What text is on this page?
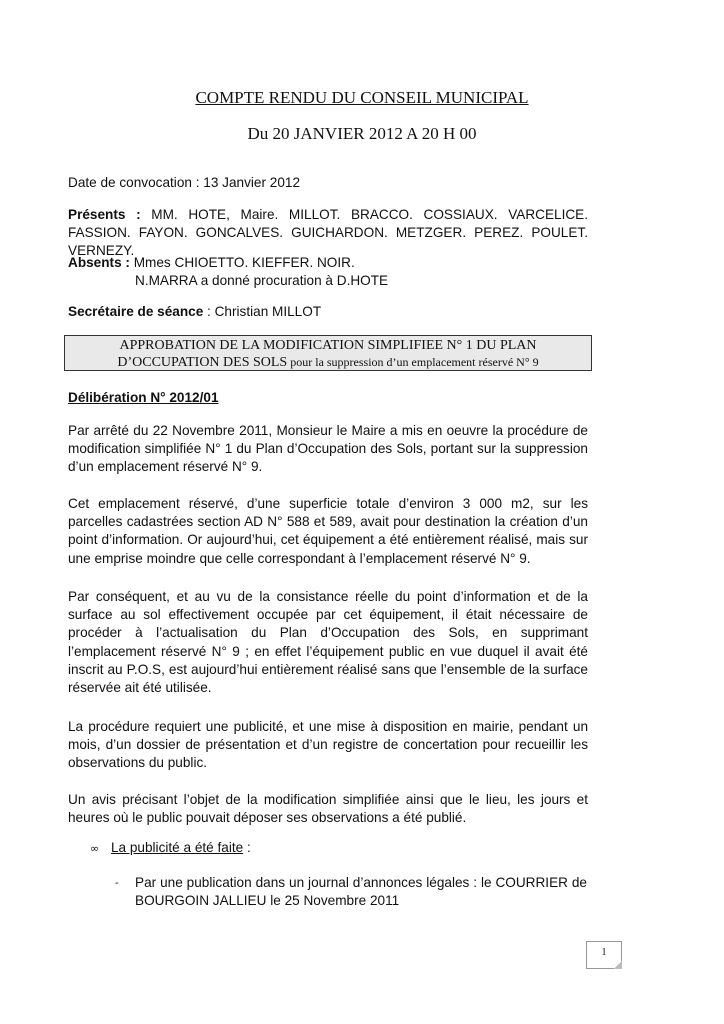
COMPTE RENDU DU CONSEIL MUNICIPAL
Du 20 JANVIER 2012 A 20 H 00
Date de convocation : 13 Janvier 2012
Présents : MM. HOTE, Maire. MILLOT. BRACCO. COSSIAUX. VARCELICE. FASSION. FAYON. GONCALVES. GUICHARDON. METZGER. PEREZ. POULET. VERNEZY.
Absents : Mmes CHIOETTO. KIEFFER. NOIR.
N.MARRA a donné procuration à D.HOTE
Secrétaire de séance : Christian MILLOT
APPROBATION DE LA MODIFICATION SIMPLIFIEE N° 1 DU PLAN
D’OCCUPATION DES SOLS pour la suppression d’un emplacement réservé N° 9
Délibération N° 2012/01
Par arrêté du 22 Novembre 2011, Monsieur le Maire a mis en oeuvre la procédure de modification simplifiée N° 1 du Plan d’Occupation des Sols, portant sur la suppression d’un emplacement réservé N° 9.
Cet emplacement réservé, d’une superficie totale d’environ 3 000 m2, sur les parcelles cadastrées section AD N° 588 et 589, avait pour destination la création d’un point d’information. Or aujourd’hui, cet équipement a été entièrement réalisé, mais sur une emprise moindre que celle correspondant à l’emplacement réservé N° 9.
Par conséquent, et au vu de la consistance réelle du point d’information et de la surface au sol effectivement occupée par cet équipement, il était nécessaire de procéder à l’actualisation du Plan d’Occupation des Sols, en supprimant l’emplacement réservé N° 9 ; en effet l’équipement public en vue duquel il avait été inscrit au P.O.S, est aujourd’hui entièrement réalisé sans que l’ensemble de la surface réservée ait été utilisée.
La procédure requiert une publicité, et une mise à disposition en mairie, pendant un mois, d’un dossier de présentation et d’un registre de concertation pour recueillir les observations du public.
Un avis précisant l’objet de la modification simplifiée ainsi que le lieu, les jours et heures où le public pouvait déposer ses observations a été publié.
∞ La publicité a été faite :
-	Par une publication dans un journal d’annonces légales : le COURRIER de BOURGOIN JALLIEU le 25 Novembre 2011
1
